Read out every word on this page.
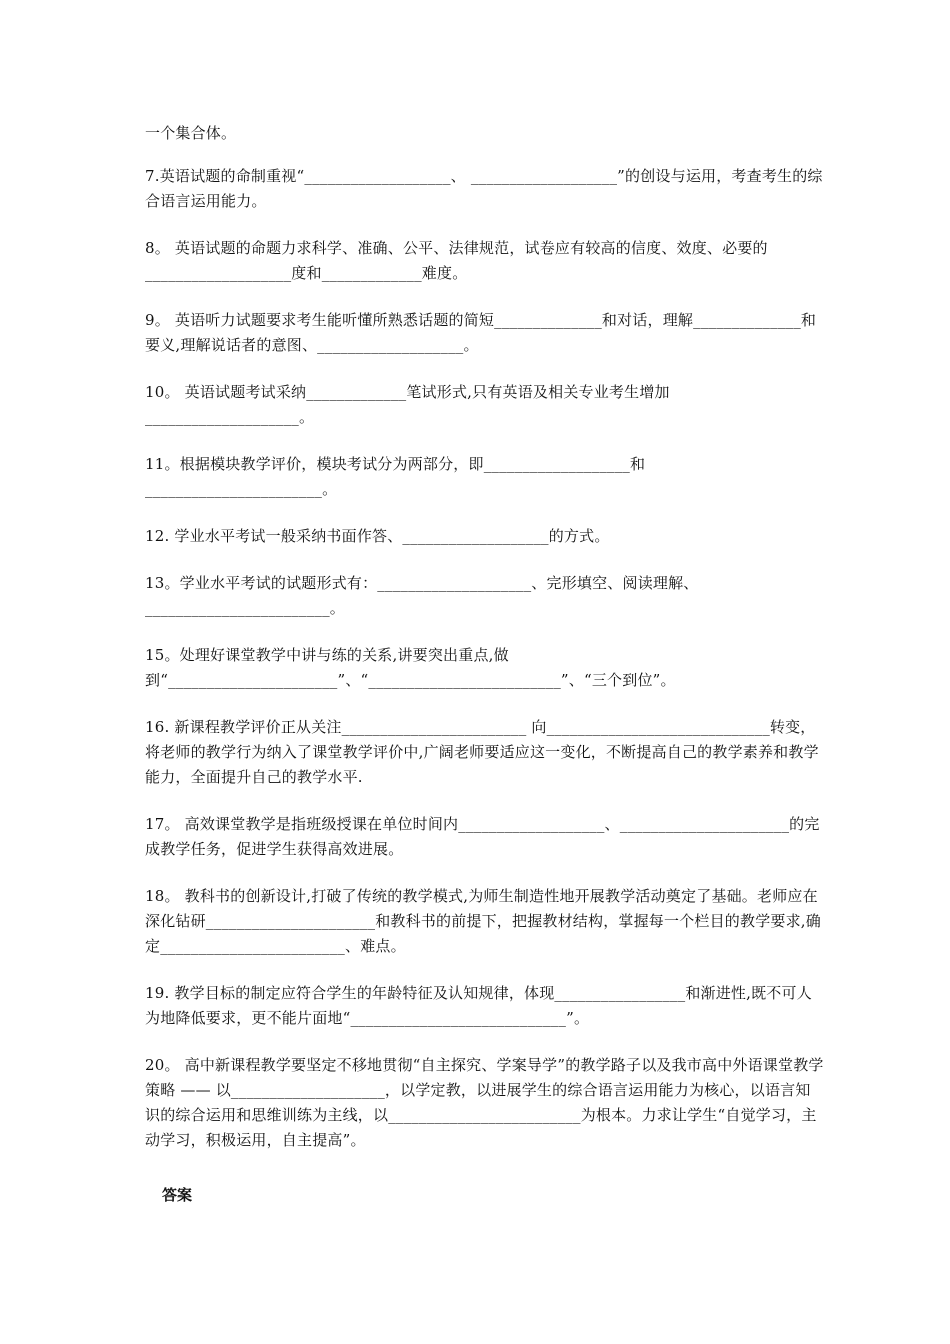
一个集合体。

7.英语试题的命制重视“___________________、 ___________________”的创设与运用，考查考生的综合语言运用能力。

8。 英语试题的命题力求科学、准确、公平、法律规范，试卷应有较高的信度、效度、必要的___________________度和_____________难度。

9。 英语听力试题要求考生能听懂所熟悉话题的简短______________和对话，理解______________和要义,理解说话者的意图、___________________。

10。 英语试题考试采纳_____________笔试形式,只有英语及相关专业考生增加____________________。

11。根据模块教学评价，模块考试分为两部分，即___________________和_______________________。

12. 学业水平考试一般采纳书面作答、___________________的方式。

13。学业水平考试的试题形式有：____________________、完形填空、阅读理解、________________________。

15。处理好课堂教学中讲与练的关系,讲要突出重点,做到“______________________”、“_________________________”、“三个到位”。

16. 新课程教学评价正从关注________________________ 向_____________________________转变，将老师的教学行为纳入了课堂教学评价中,广阔老师要适应这一变化，不断提高自己的教学素养和教学能力，全面提升自己的教学水平.

17。 高效课堂教学是指班级授课在单位时间内___________________、______________________的完成教学任务，促进学生获得高效进展。

18。 教科书的创新设计,打破了传统的教学模式,为师生制造性地开展教学活动奠定了基础。老师应在深化钻研______________________和教科书的前提下，把握教材结构，掌握每一个栏目的教学要求,确定________________________、难点。

19. 教学目标的制定应符合学生的年龄特征及认知规律，体现_________________和渐进性,既不可人为地降低要求，更不能片面地“____________________________”。

20。 高中新课程教学要坚定不移地贯彻“自主探究、学案导学”的教学路子以及我市高中外语课堂教学策略 —— 以____________________，以学定教，以进展学生的综合语言运用能力为核心，以语言知识的综合运用和思维训练为主线，以_________________________为根本。力求让学生“自觉学习，主动学习，积极运用，自主提高”。

答案
